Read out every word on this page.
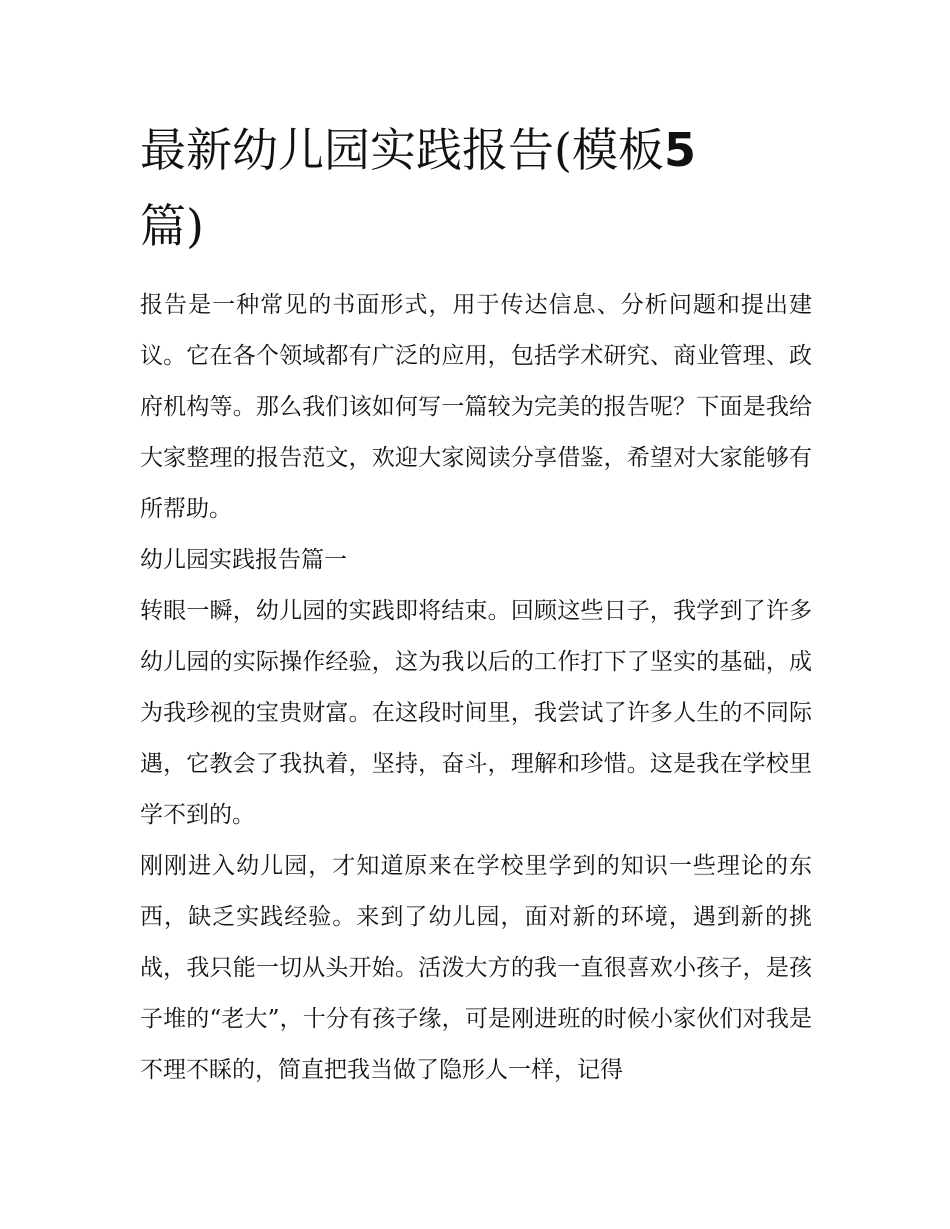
最新幼儿园实践报告(模板5
篇)

报告是一种常见的书面形式，用于传达信息、分析问题和提出建议。它在各个领域都有广泛的应用，包括学术研究、商业管理、政府机构等。那么我们该如何写一篇较为完美的报告呢？下面是我给大家整理的报告范文，欢迎大家阅读分享借鉴，希望对大家能够有所帮助。

幼儿园实践报告篇一

转眼一瞬，幼儿园的实践即将结束。回顾这些日子，我学到了许多幼儿园的实际操作经验，这为我以后的工作打下了坚实的基础，成为我珍视的宝贵财富。在这段时间里，我尝试了许多人生的不同际遇，它教会了我执着，坚持，奋斗，理解和珍惜。这是我在学校里学不到的。

刚刚进入幼儿园，才知道原来在学校里学到的知识一些理论的东西，缺乏实践经验。来到了幼儿园，面对新的环境，遇到新的挑战，我只能一切从头开始。活泼大方的我一直很喜欢小孩子，是孩子堆的“老大”，十分有孩子缘，可是刚进班的时候小家伙们对我是不理不睬的，简直把我当做了隐形人一样，记得
